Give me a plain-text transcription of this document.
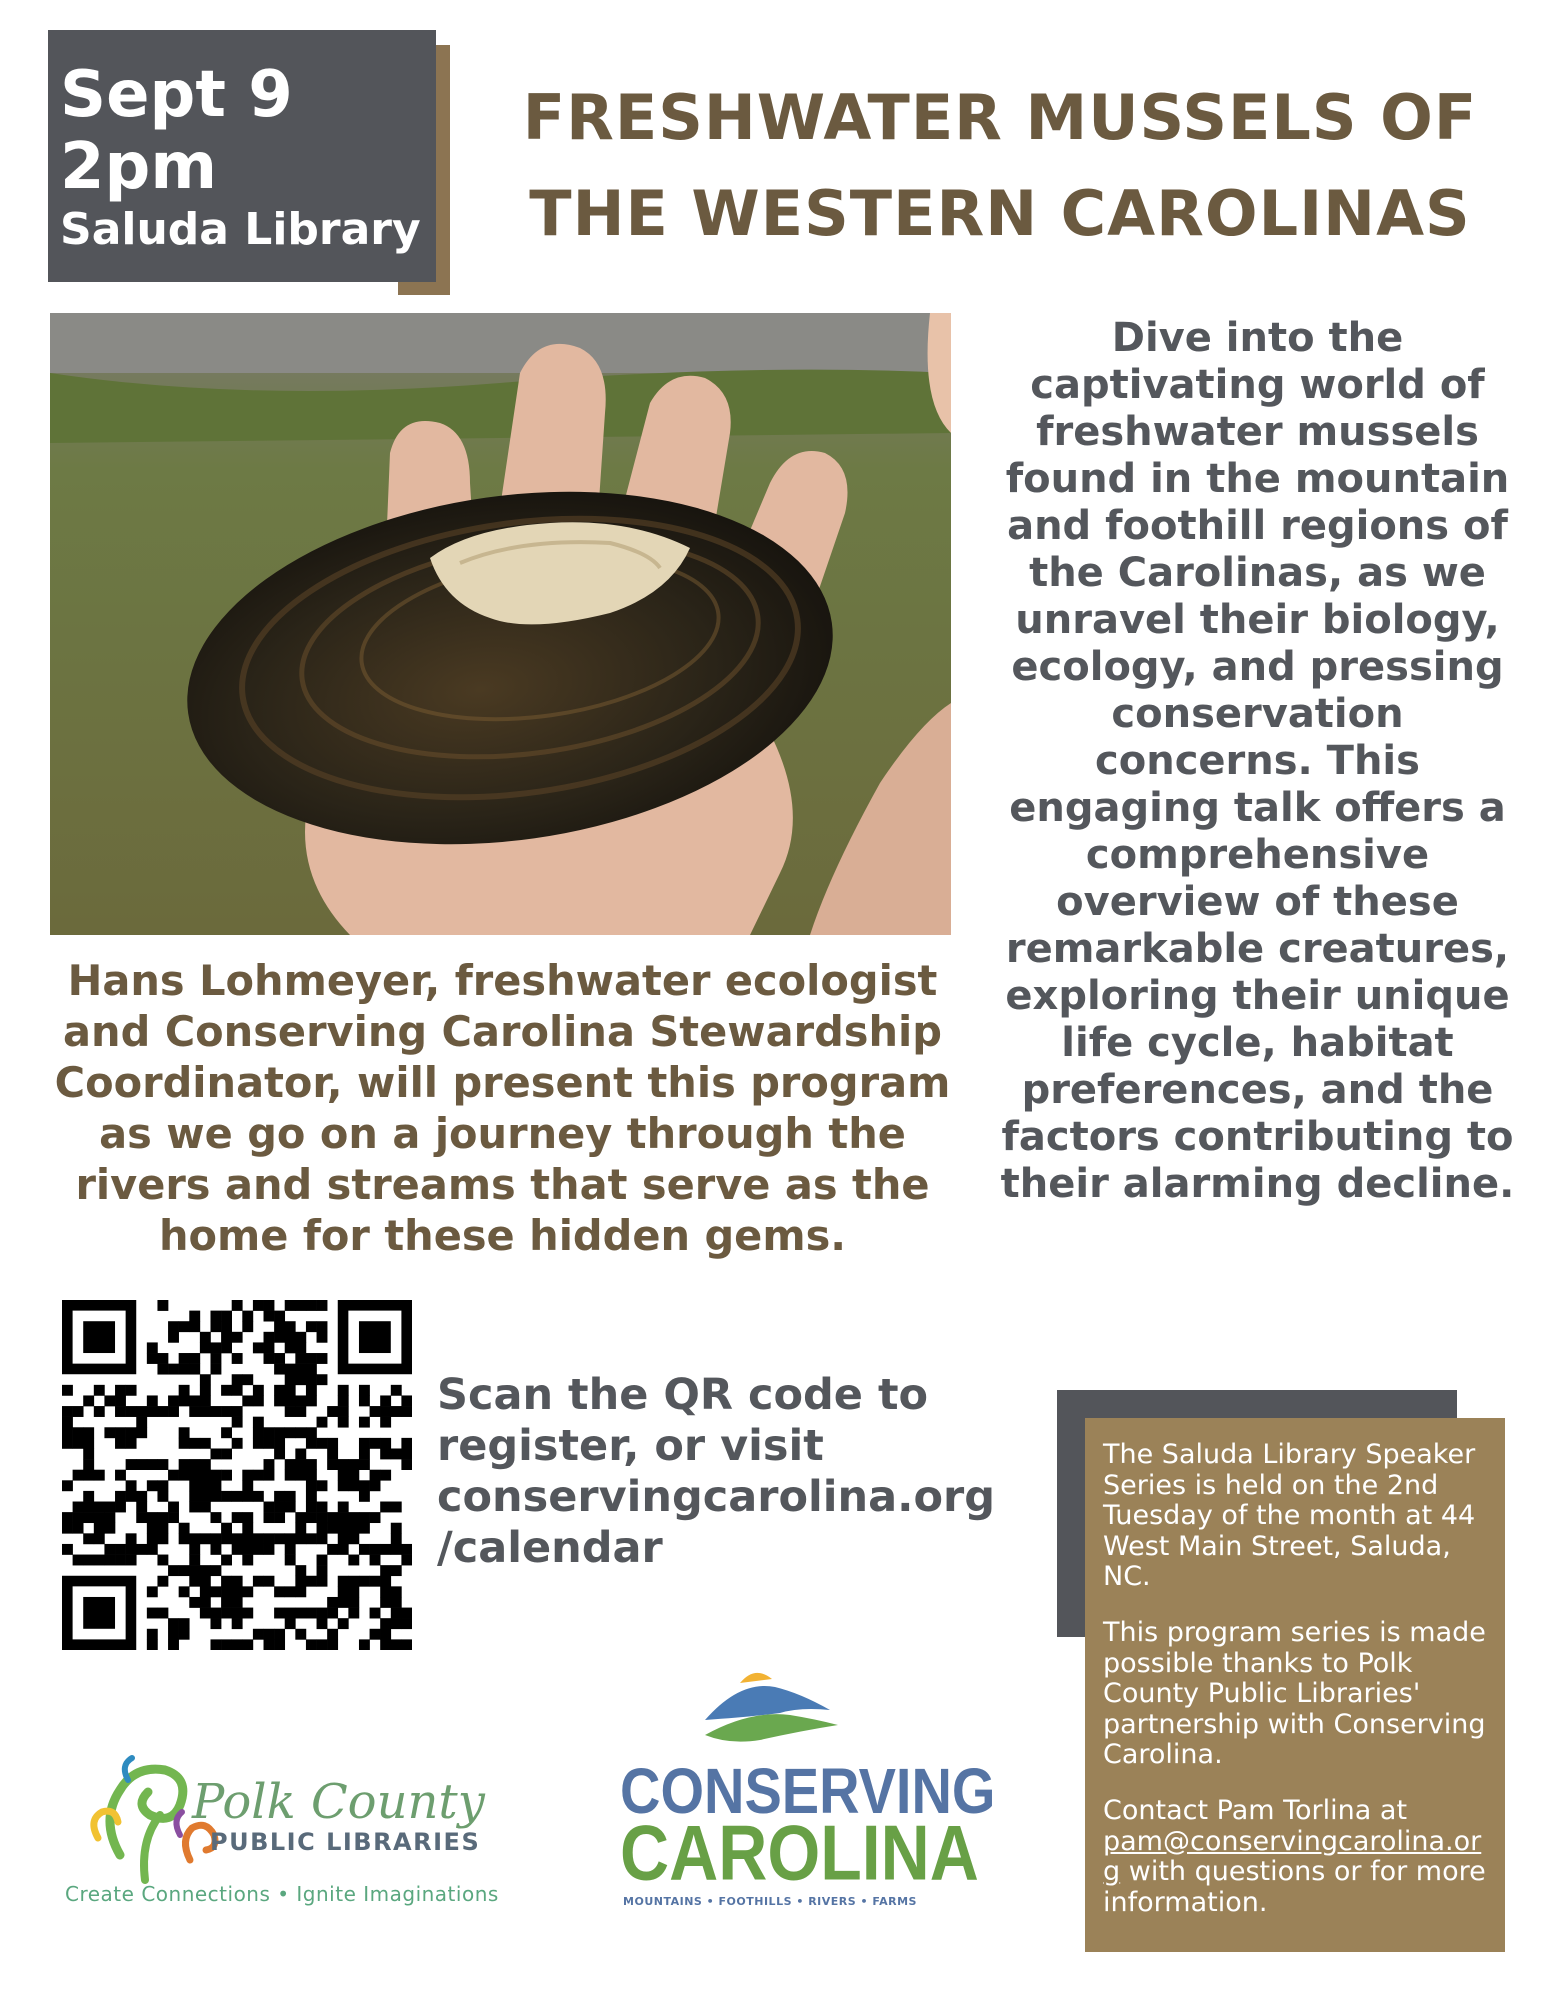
Sept 9
2pm
Saluda Library
FRESHWATER MUSSELS OF
THE WESTERN CAROLINAS
Dive into the captivating world of freshwater mussels found in the mountain and foothill regions of the Carolinas, as we unravel their biology, ecology, and pressing conservation concerns. This engaging talk offers a comprehensive overview of these remarkable creatures, exploring their unique life cycle, habitat preferences, and the factors contributing to their alarming decline.
Hans Lohmeyer, freshwater ecologist and Conserving Carolina Stewardship Coordinator, will present this program as we go on a journey through the rivers and streams that serve as the home for these hidden gems.
Scan the QR code to
register, or visit
conservingcarolina.org
/calendar

The Saluda Library Speaker Series is held on the 2nd Tuesday of the month at 44 West Main Street, Saluda, NC.

This program series is made possible thanks to Polk County Public Libraries' partnership with Conserving Carolina.

Contact Pam Torlina at
pam@conservingcarolina.org with questions or for more information.

Polk County
PUBLIC LIBRARIES
Create Connections • Ignite Imaginations
CONSERVING
CAROLINA
MOUNTAINS • FOOTHILLS • RIVERS • FARMS
